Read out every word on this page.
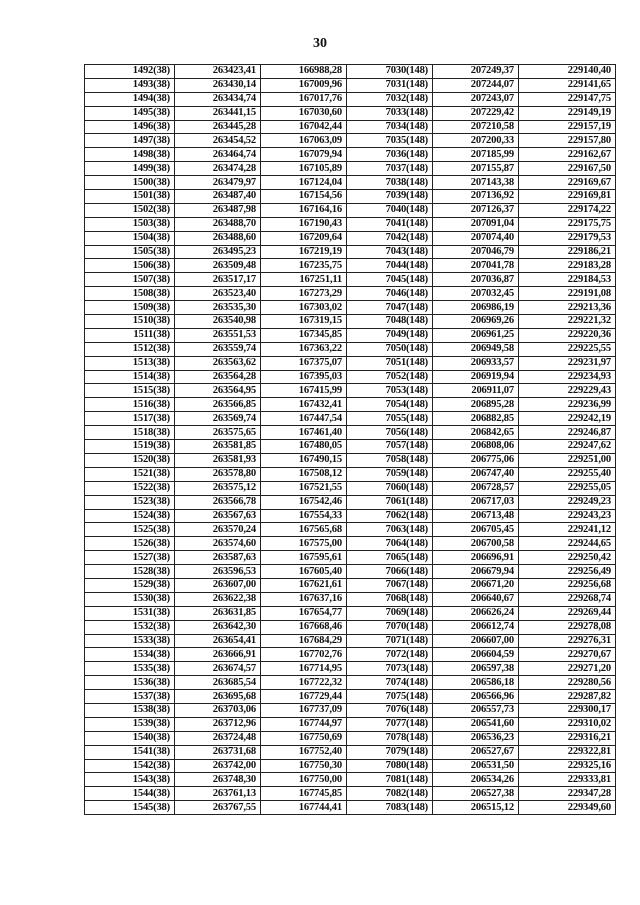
30
1492(38)	263423,41	166988,28	7030(148)	207249,37	229140,40
1493(38)	263430,14	167009,96	7031(148)	207244,07	229141,65
1494(38)	263434,74	167017,76	7032(148)	207243,07	229147,75
1495(38)	263441,15	167030,60	7033(148)	207229,42	229149,19
1496(38)	263445,28	167042,44	7034(148)	207210,58	229157,19
1497(38)	263454,52	167063,09	7035(148)	207200,33	229157,80
1498(38)	263464,74	167079,94	7036(148)	207185,99	229162,67
1499(38)	263474,28	167105,89	7037(148)	207155,87	229167,50
1500(38)	263479,97	167124,04	7038(148)	207143,38	229169,67
1501(38)	263487,40	167154,56	7039(148)	207136,92	229169,81
1502(38)	263487,98	167164,16	7040(148)	207126,37	229174,22
1503(38)	263488,70	167190,43	7041(148)	207091,04	229175,75
1504(38)	263488,60	167209,64	7042(148)	207074,40	229179,53
1505(38)	263495,23	167219,19	7043(148)	207046,79	229186,21
1506(38)	263509,48	167235,75	7044(148)	207041,78	229183,28
1507(38)	263517,17	167251,11	7045(148)	207036,87	229184,53
1508(38)	263523,40	167273,29	7046(148)	207032,45	229191,08
1509(38)	263535,30	167303,02	7047(148)	206986,19	229213,36
1510(38)	263540,98	167319,15	7048(148)	206969,26	229221,32
1511(38)	263551,53	167345,85	7049(148)	206961,25	229220,36
1512(38)	263559,74	167363,22	7050(148)	206949,58	229225,55
1513(38)	263563,62	167375,07	7051(148)	206933,57	229231,97
1514(38)	263564,28	167395,03	7052(148)	206919,94	229234,93
1515(38)	263564,95	167415,99	7053(148)	206911,07	229229,43
1516(38)	263566,85	167432,41	7054(148)	206895,28	229236,99
1517(38)	263569,74	167447,54	7055(148)	206882,85	229242,19
1518(38)	263575,65	167461,40	7056(148)	206842,65	229246,87
1519(38)	263581,85	167480,05	7057(148)	206808,06	229247,62
1520(38)	263581,93	167490,15	7058(148)	206775,06	229251,00
1521(38)	263578,80	167508,12	7059(148)	206747,40	229255,40
1522(38)	263575,12	167521,55	7060(148)	206728,57	229255,05
1523(38)	263566,78	167542,46	7061(148)	206717,03	229249,23
1524(38)	263567,63	167554,33	7062(148)	206713,48	229243,23
1525(38)	263570,24	167565,68	7063(148)	206705,45	229241,12
1526(38)	263574,60	167575,00	7064(148)	206700,58	229244,65
1527(38)	263587,63	167595,61	7065(148)	206696,91	229250,42
1528(38)	263596,53	167605,40	7066(148)	206679,94	229256,49
1529(38)	263607,00	167621,61	7067(148)	206671,20	229256,68
1530(38)	263622,38	167637,16	7068(148)	206640,67	229268,74
1531(38)	263631,85	167654,77	7069(148)	206626,24	229269,44
1532(38)	263642,30	167668,46	7070(148)	206612,74	229278,08
1533(38)	263654,41	167684,29	7071(148)	206607,00	229276,31
1534(38)	263666,91	167702,76	7072(148)	206604,59	229270,67
1535(38)	263674,57	167714,95	7073(148)	206597,38	229271,20
1536(38)	263685,54	167722,32	7074(148)	206586,18	229280,56
1537(38)	263695,68	167729,44	7075(148)	206566,96	229287,82
1538(38)	263703,06	167737,09	7076(148)	206557,73	229300,17
1539(38)	263712,96	167744,97	7077(148)	206541,60	229310,02
1540(38)	263724,48	167750,69	7078(148)	206536,23	229316,21
1541(38)	263731,68	167752,40	7079(148)	206527,67	229322,81
1542(38)	263742,00	167750,30	7080(148)	206531,50	229325,16
1543(38)	263748,30	167750,00	7081(148)	206534,26	229333,81
1544(38)	263761,13	167745,85	7082(148)	206527,38	229347,28
1545(38)	263767,55	167744,41	7083(148)	206515,12	229349,60
